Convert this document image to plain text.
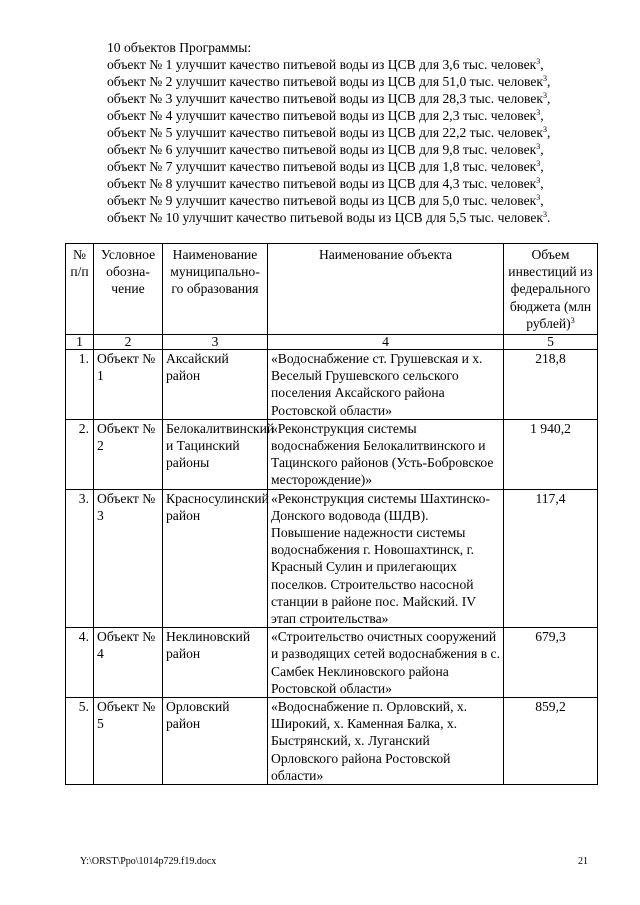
10 объектов Программы:
объект № 1 улучшит качество питьевой воды из ЦСВ для 3,6 тыс. человек$^3$,
объект № 2 улучшит качество питьевой воды из ЦСВ для 51,0 тыс. человек$^3$,
объект № 3 улучшит качество питьевой воды из ЦСВ для 28,3 тыс. человек$^3$,
объект № 4 улучшит качество питьевой воды из ЦСВ для 2,3 тыс. человек$^3$,
объект № 5 улучшит качество питьевой воды из ЦСВ для 22,2 тыс. человек$^3$,
объект № 6 улучшит качество питьевой воды из ЦСВ для 9,8 тыс. человек$^3$,
объект № 7 улучшит качество питьевой воды из ЦСВ для 1,8 тыс. человек$^3$,
объект № 8 улучшит качество питьевой воды из ЦСВ для 4,3 тыс. человек$^3$,
объект № 9 улучшит качество питьевой воды из ЦСВ для 5,0 тыс. человек$^3$,
объект № 10 улучшит качество питьевой воды из ЦСВ для 5,5 тыс. человек$^3$.
№ п/п	Условное обозна-чение	Наименование муниципально-го образования	Наименование объекта	Объем инвестиций из федерального бюджета (млн рублей)$^3$
1	2	3	4	5
1.	Объект № 1	Аксайский район	«Водоснабжение ст. Грушевская и х. Веселый Грушевского сельского поселения Аксайского района Ростовской области»	218,8
2.	Объект № 2	Белокалитвинский и Тацинский районы	«Реконструкция системы водоснабжения Белокалитвинского и Тацинского районов (Усть-Бобровское месторождение)»	1 940,2
3.	Объект № 3	Красносулинский район	«Реконструкция системы Шахтинско-Донского водовода (ШДВ). Повышение надежности системы водоснабжения г. Новошахтинск, г. Красный Сулин и прилегающих поселков. Строительство насосной станции в районе пос. Майский. IV этап строительства»	117,4
4.	Объект № 4	Неклиновский район	«Строительство очистных сооружений и разводящих сетей водоснабжения в с. Самбек Неклиновского района Ростовской области»	679,3
5.	Объект № 5	Орловский район	«Водоснабжение п. Орловский, х. Широкий, х. Каменная Балка, х. Быстрянский, х. Луганский Орловского района Ростовской области»	859,2
Y:\ORST\Ppo\1014p729.f19.docx	21
